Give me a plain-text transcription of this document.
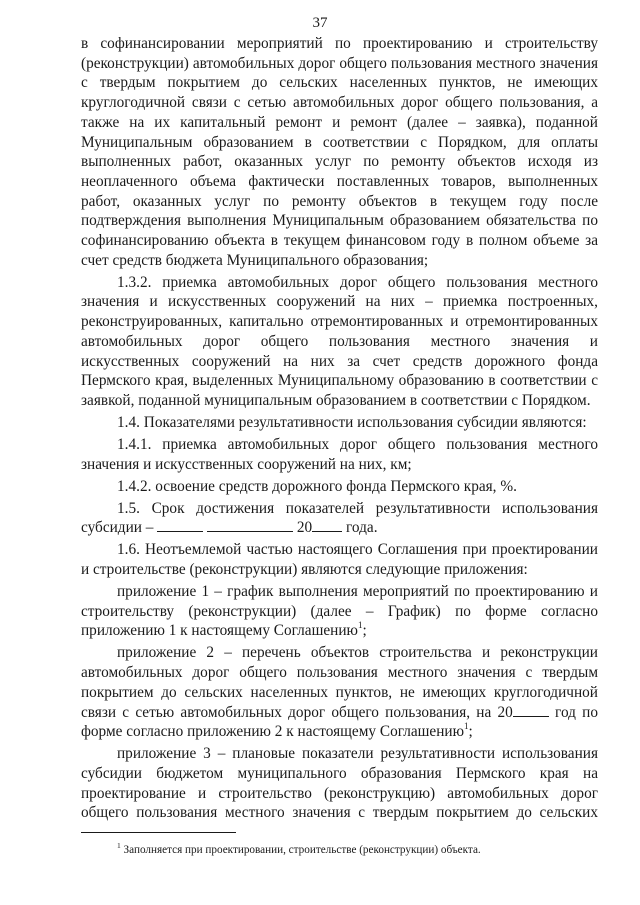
37

в софинансировании мероприятий по проектированию и строительству (реконструкции) автомобильных дорог общего пользования местного значения с твердым покрытием до сельских населенных пунктов, не имеющих круглогодичной связи с сетью автомобильных дорог общего пользования, а также на их капитальный ремонт и ремонт (далее – заявка), поданной Муниципальным образованием в соответствии с Порядком, для оплаты выполненных работ, оказанных услуг по ремонту объектов исходя из неоплаченного объема фактически поставленных товаров, выполненных работ, оказанных услуг по ремонту объектов в текущем году после подтверждения выполнения Муниципальным образованием обязательства по софинансированию объекта в текущем финансовом году в полном объеме за счет средств бюджета Муниципального образования;

1.3.2. приемка автомобильных дорог общего пользования местного значения и искусственных сооружений на них – приемка построенных, реконструированных, капитально отремонтированных и отремонтированных автомобильных дорог общего пользования местного значения и искусственных сооружений на них за счет средств дорожного фонда Пермского края, выделенных Муниципальному образованию в соответствии с заявкой, поданной муниципальным образованием в соответствии с Порядком.

1.4. Показателями результативности использования субсидии являются:

1.4.1. приемка автомобильных дорог общего пользования местного значения и искусственных сооружений на них, км;

1.4.2. освоение средств дорожного фонда Пермского края, %.

1.5. Срок достижения показателей результативности использования субсидии –	20 года.

1.6. Неотъемлемой частью настоящего Соглашения при проектировании и строительстве (реконструкции) являются следующие приложения:

приложение 1 – график выполнения мероприятий по проектированию и строительству (реконструкции) (далее – График) по форме согласно приложению 1 к настоящему Соглашению$^1$;

приложение 2 – перечень объектов строительства и реконструкции автомобильных дорог общего пользования местного значения с твердым покрытием до сельских населенных пунктов, не имеющих круглогодичной связи с сетью автомобильных дорог общего пользования, на 20	год по форме согласно приложению 2 к настоящему Соглашению$^1$;

приложение 3 – плановые показатели результативности использования субсидии бюджетом муниципального образования Пермского края на проектирование и строительство (реконструкцию) автомобильных дорог общего пользования местного значения с твердым покрытием до сельских

$^1$ Заполняется при проектировании, строительстве (реконструкции) объекта.
